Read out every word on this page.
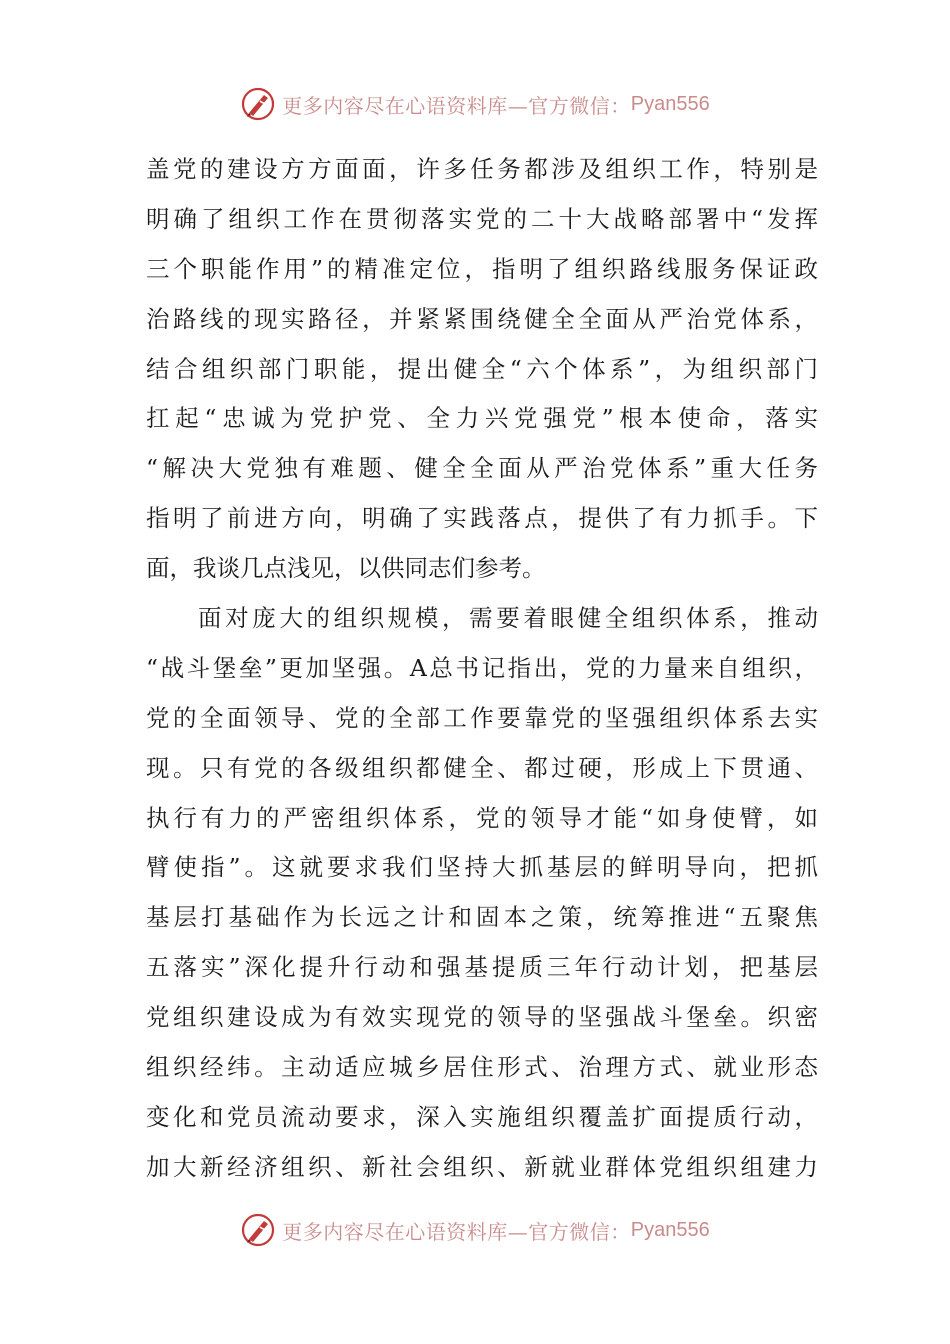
更多内容尽在心语资料库—官方微信： Pyan556
盖党的建设方方面面，许多任务都涉及组织工作，特别是
明确了组织工作在贯彻落实党的二十大战略部署中“发挥
三个职能作用”的精准定位，指明了组织路线服务保证政
治路线的现实路径，并紧紧围绕健全全面从严治党体系，
结合组织部门职能，提出健全“六个体系”，为组织部门
扛起“忠诚为党护党、全力兴党强党”根本使命，落实
“解决大党独有难题、健全全面从严治党体系”重大任务
指明了前进方向，明确了实践落点，提供了有力抓手。下
面，我谈几点浅见，以供同志们参考。
面对庞大的组织规模，需要着眼健全组织体系，推动
“战斗堡垒”更加坚强。A总书记指出，党的力量来自组织，
党的全面领导、党的全部工作要靠党的坚强组织体系去实
现。只有党的各级组织都健全、都过硬，形成上下贯通、
执行有力的严密组织体系，党的领导才能“如身使臂，如
臂使指”。这就要求我们坚持大抓基层的鲜明导向，把抓
基层打基础作为长远之计和固本之策，统筹推进“五聚焦
五落实”深化提升行动和强基提质三年行动计划，把基层
党组织建设成为有效实现党的领导的坚强战斗堡垒。织密
组织经纬。主动适应城乡居住形式、治理方式、就业形态
变化和党员流动要求，深入实施组织覆盖扩面提质行动，
加大新经济组织、新社会组织、新就业群体党组织组建力
更多内容尽在心语资料库—官方微信： Pyan556
